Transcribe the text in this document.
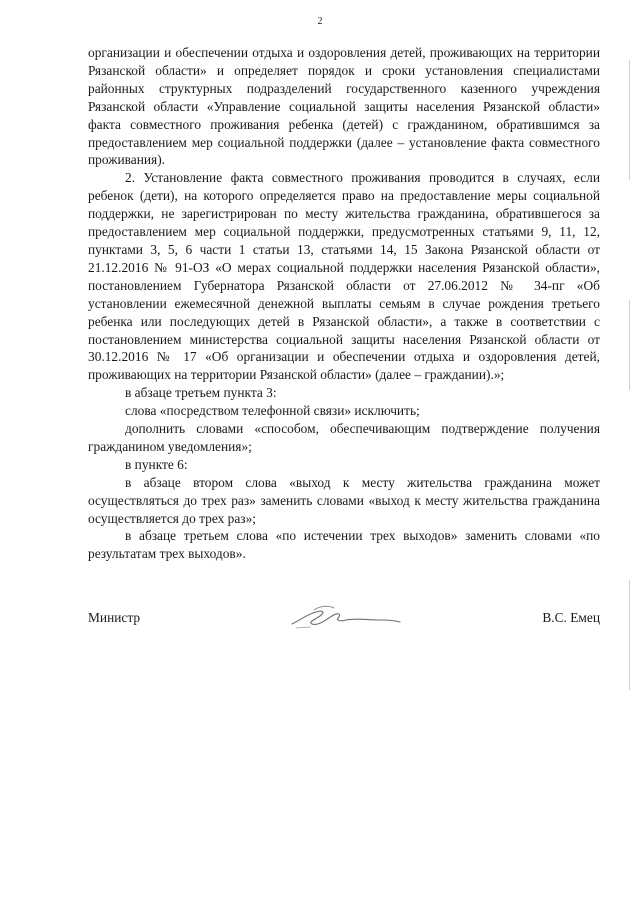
2

организации и обеспечении отдыха и оздоровления детей, проживающих на территории Рязанской области» и определяет порядок и сроки установления специалистами районных структурных подразделений государственного казенного учреждения Рязанской области «Управление социальной защиты населения Рязанской области» факта совместного проживания ребенка (детей) с гражданином, обратившимся за предоставлением мер социальной поддержки (далее – установление факта совместного проживания).

2. Установление факта совместного проживания проводится в случаях, если ребенок (дети), на которого определяется право на предоставление меры социальной поддержки, не зарегистрирован по месту жительства гражданина, обратившегося за предоставлением мер социальной поддержки, предусмотренных статьями 9, 11, 12, пунктами 3, 5, 6 части 1 статьи 13, статьями 14, 15 Закона Рязанской области от 21.12.2016 № 91-ОЗ «О мерах социальной поддержки населения Рязанской области», постановлением Губернатора Рязанской области от 27.06.2012 № 34-пг «Об установлении ежемесячной денежной выплаты семьям в случае рождения третьего ребенка или последующих детей в Рязанской области», а также в соответствии с постановлением министерства социальной защиты населения Рязанской области от 30.12.2016 № 17 «Об организации и обеспечении отдыха и оздоровления детей, проживающих на территории Рязанской области» (далее – граждании).»;

в абзаце третьем пункта 3:

слова «посредством телефонной связи» исключить;

дополнить словами «способом, обеспечивающим подтверждение получения гражданином уведомления»;

в пункте 6:

в абзаце втором слова «выход к месту жительства гражданина может осуществляться до трех раз» заменить словами «выход к месту жительства гражданина осуществляется до трех раз»;

в абзаце третьем слова «по истечении трех выходов» заменить словами «по результатам трех выходов».

Министр	В.С. Емец
